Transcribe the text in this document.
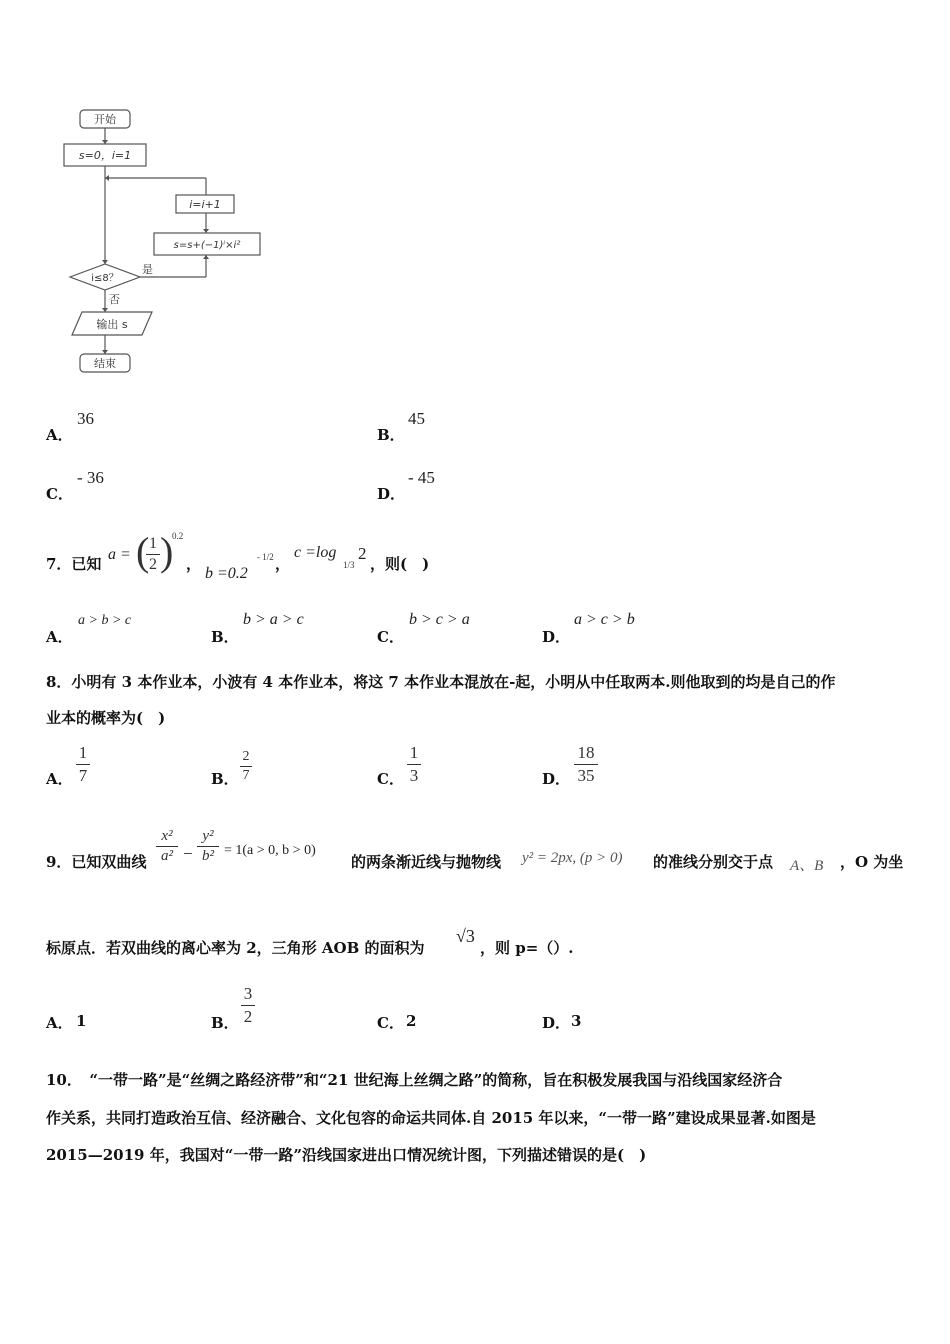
开始
s=0，i=1
i=i+1
s=s+(−1)ⁱ×i²
i≤8？
是
否
输出 s
结束
A．
36
B．
45
C．
- 36
D．
- 45
7．已知
a = ( 1
2 )
0.2
，
b =0.2
- 1/2 ，
c =log
1/3
2
，则(　)
A．
a > b > c
B．
b > a > c
C．
b > c > a
D．
a > c > b
8．小明有 3 本作业本，小波有 4 本作业本，将这 7 本作业本混放在-起，小明从中任取两本.则他取到的均是自己的作
业本的概率为(　)
A．
1
7	B．
2
7	C．
1
3	D．
18
35
9．已知双曲线
x²
a² −
y²
b² = 1(a > 0, b > 0)
的两条渐近线与抛物线 y² = 2px, (p > 0) 的准线分别交于点 A、B ，O 为坐
标原点．若双曲线的离心率为 2，三角形 AOB 的面积为
√3
，则 p=（）.
A． 1	B．
3
2	C． 2	D． 3
10．　“一带一路”是“丝绸之路经济带”和“21 世纪海上丝绸之路”的简称，旨在积极发展我国与沿线国家经济合
作关系，共同打造政治互信、经济融合、文化包容的命运共同体.自 2015 年以来，“一带一路”建设成果显著.如图是
2015—2019 年，我国对“一带一路”沿线国家进出口情况统计图，下列描述错误的是(　)
